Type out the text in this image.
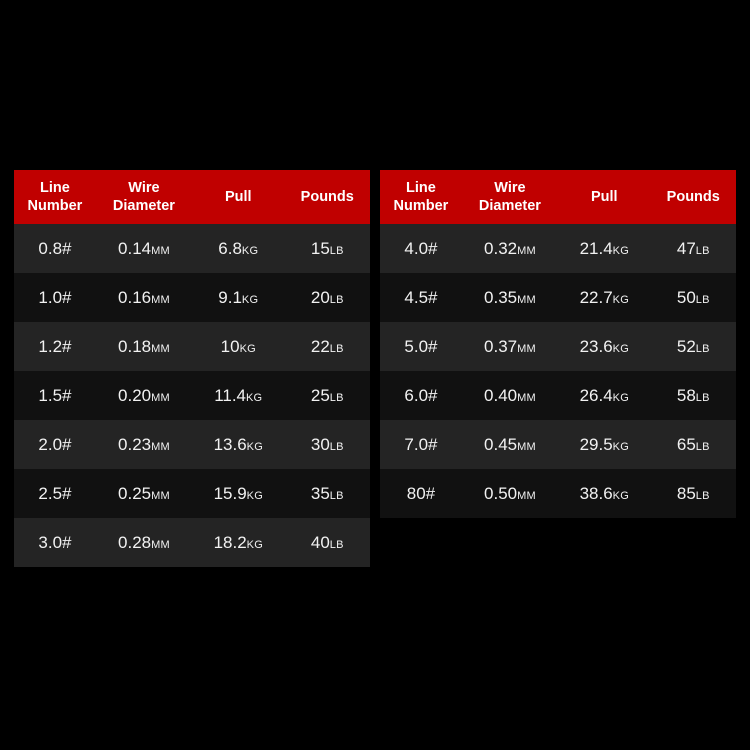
Line Number	Wire Diameter	Pull	Pounds
0.8#	0.14MM	6.8KG	15LB
1.0#	0.16MM	9.1KG	20LB
1.2#	0.18MM	10KG	22LB
1.5#	0.20MM	11.4KG	25LB
2.0#	0.23MM	13.6KG	30LB
2.5#	0.25MM	15.9KG	35LB
3.0#	0.28MM	18.2KG	40LB
Line Number	Wire Diameter	Pull	Pounds
4.0#	0.32MM	21.4KG	47LB
4.5#	0.35MM	22.7KG	50LB
5.0#	0.37MM	23.6KG	52LB
6.0#	0.40MM	26.4KG	58LB
7.0#	0.45MM	29.5KG	65LB
80#	0.50MM	38.6KG	85LB
